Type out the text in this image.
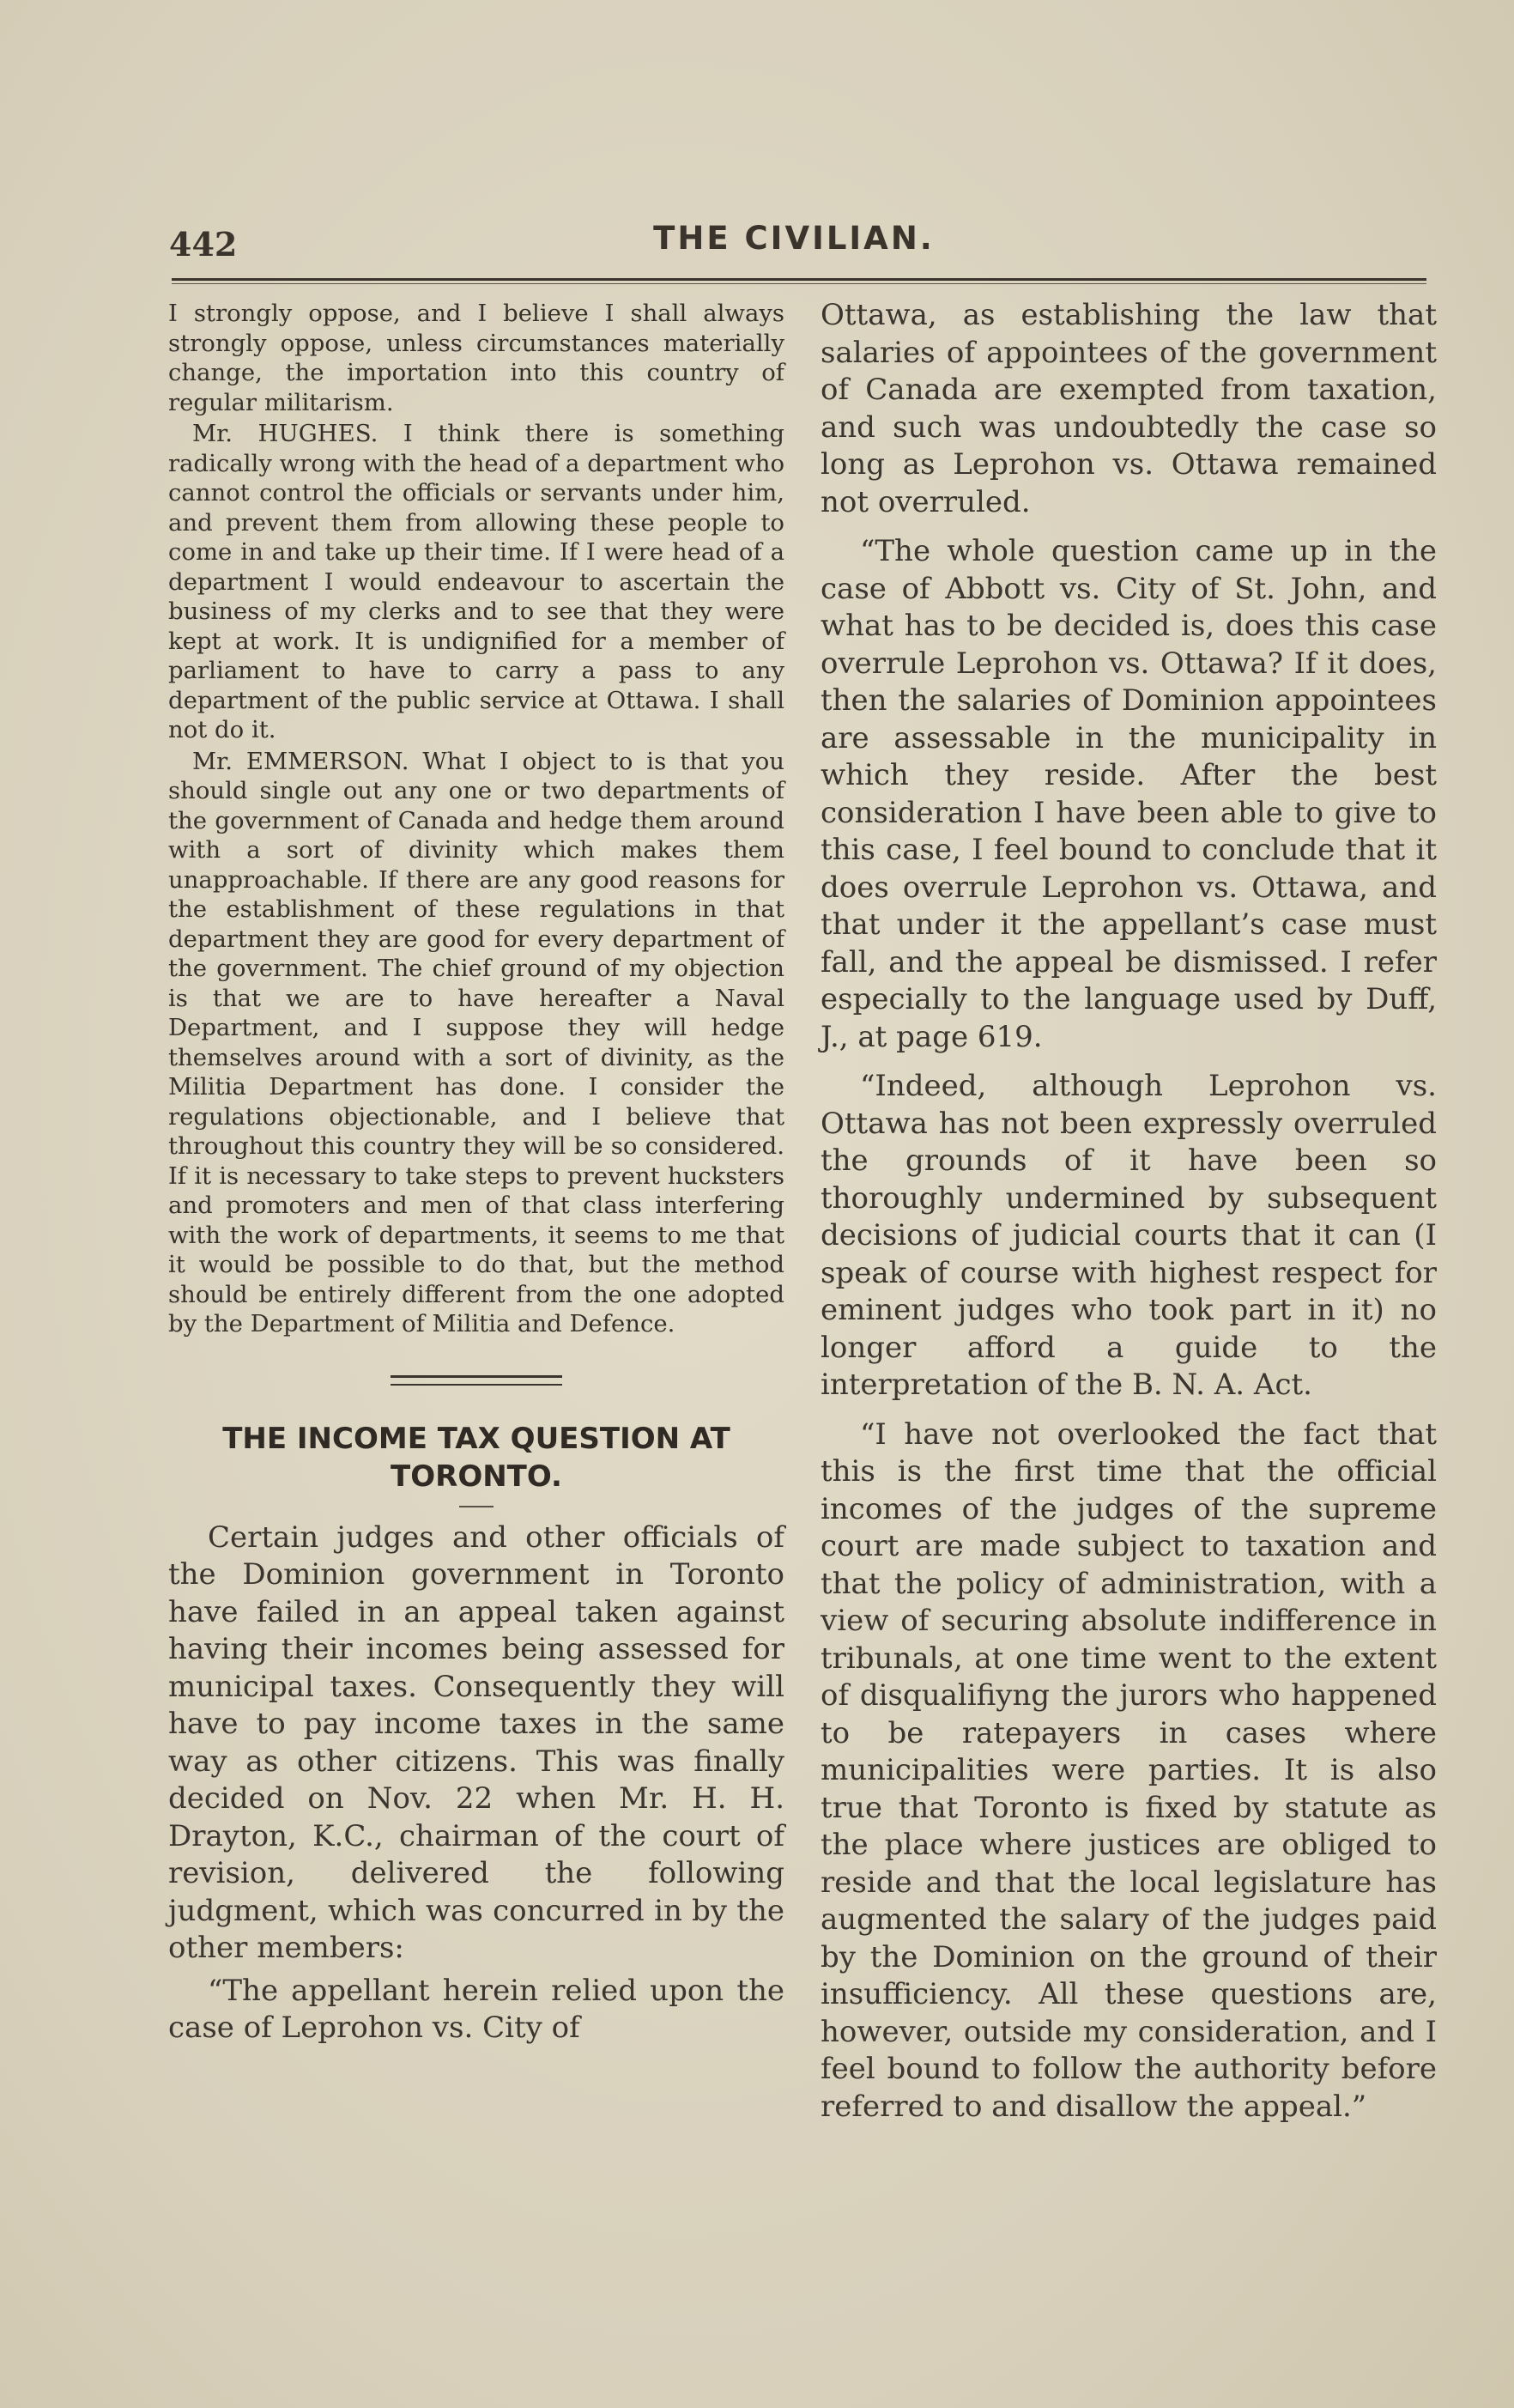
442	THE CIVILIAN.

I strongly oppose, and I believe I shall always strongly oppose, unless circumstances materially change, the importation into this country of regular militarism.

Mr. HUGHES. I think there is something radically wrong with the head of a department who cannot control the officials or servants under him, and prevent them from allowing these people to come in and take up their time. If I were head of a department I would endeavour to ascertain the business of my clerks and to see that they were kept at work. It is undignified for a member of parliament to have to carry a pass to any department of the public service at Ottawa. I shall not do it.

Mr. EMMERSON. What I object to is that you should single out any one or two departments of the government of Canada and hedge them around with a sort of divinity which makes them unapproachable. If there are any good reasons for the establishment of these regulations in that department they are good for every department of the government. The chief ground of my objection is that we are to have hereafter a Naval Department, and I suppose they will hedge themselves around with a sort of divinity, as the Militia Department has done. I consider the regulations objectionable, and I believe that throughout this country they will be so considered. If it is necessary to take steps to prevent hucksters and promoters and men of that class interfering with the work of departments, it seems to me that it would be possible to do that, but the method should be entirely different from the one adopted by the Department of Militia and Defence.

THE INCOME TAX QUESTION AT
TORONTO.

Certain judges and other officials of the Dominion government in Toronto have failed in an appeal taken against having their incomes being assessed for municipal taxes. Consequently they will have to pay income taxes in the same way as other citizens. This was finally decided on Nov. 22 when Mr. H. H. Drayton, K.C., chairman of the court of revision, delivered the following judgment, which was concurred in by the other members:

“The appellant herein relied upon the case of Leprohon vs. City of

Ottawa, as establishing the law that salaries of appointees of the government of Canada are exempted from taxation, and such was undoubtedly the case so long as Leprohon vs. Ottawa remained not overruled.

“The whole question came up in the case of Abbott vs. City of St. John, and what has to be decided is, does this case overrule Leprohon vs. Ottawa? If it does, then the salaries of Dominion appointees are assessable in the municipality in which they reside. After the best consideration I have been able to give to this case, I feel bound to conclude that it does overrule Leprohon vs. Ottawa, and that under it the appellant’s case must fall, and the appeal be dismissed. I refer especially to the language used by Duff, J., at page 619.

“Indeed, although Leprohon vs. Ottawa has not been expressly overruled the grounds of it have been so thoroughly undermined by subsequent decisions of judicial courts that it can (I speak of course with highest respect for eminent judges who took part in it) no longer afford a guide to the interpretation of the B. N. A. Act.

“I have not overlooked the fact that this is the first time that the official incomes of the judges of the supreme court are made subject to taxation and that the policy of administration, with a view of securing absolute indifference in tribunals, at one time went to the extent of disqualifiyng the jurors who happened to be ratepayers in cases where municipalities were parties. It is also true that Toronto is fixed by statute as the place where justices are obliged to reside and that the local legislature has augmented the salary of the judges paid by the Dominion on the ground of their insufficiency. All these questions are, however, outside my consideration, and I feel bound to follow the authority before referred to and disallow the appeal.”
